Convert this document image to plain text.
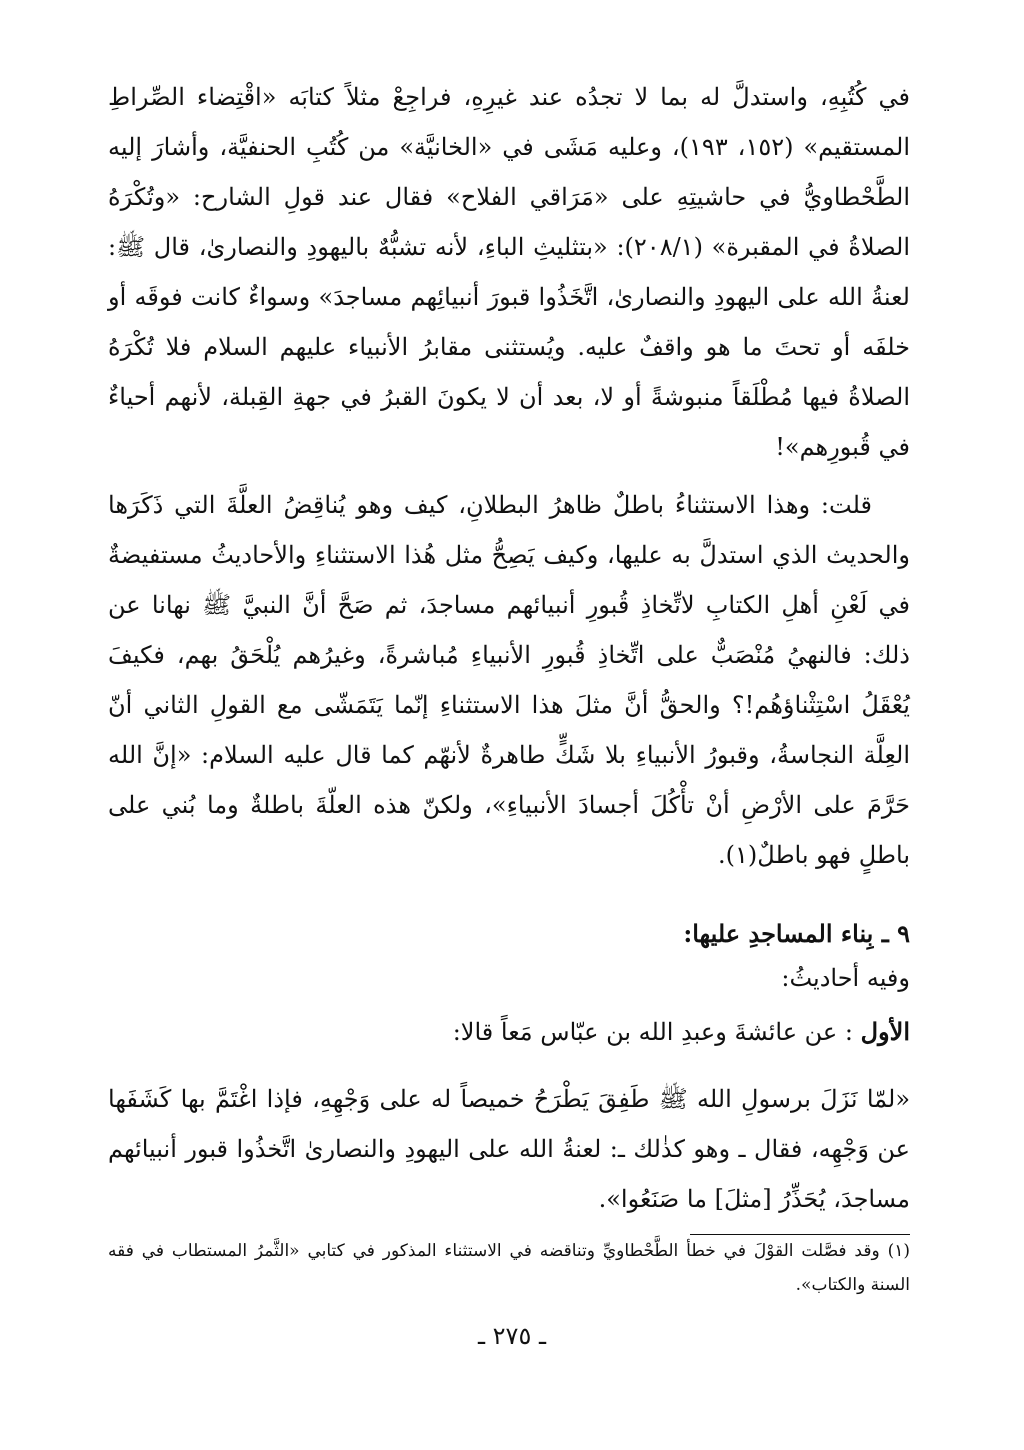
في كُتُبِهِ، واستدلَّ له بما لا تجدُه عند غيرِهِ، فراجِعْ مثلاً كتابَه «اقْتِضاء الصِّراطِ المستقيم» (١٥٢، ١٩٣)، وعليه مَشَى في «الخانيَّة» من كُتُبِ الحنفيَّة، وأشارَ إليه الطَّحْطاويُّ في حاشيتِهِ على «مَرَاقي الفلاح» فقال عند قولِ الشارح: «وتُكْرَهُ الصلاةُ في المقبرة» (٢٠٨/١): «بتثليثِ الباءِ، لأنه تشبُّهٌ باليهودِ والنصارىٰ، قال ﷺ: لعنةُ الله على اليهودِ والنصارىٰ، اتَّخَذُوا قبورَ أنبيائِهم مساجدَ» وسواءٌ كانت فوقَه أو خلفَه أو تحتَ ما هو واقفٌ عليه. ويُستثنى مقابرُ الأنبياء عليهم السلام فلا تُكْرَهُ الصلاةُ فيها مُطْلَقاً منبوشةً أو لا، بعد أن لا يكونَ القبرُ في جهةِ القِبلة، لأنهم أحياءٌ في قُبورِهم»!
قلت: وهذا الاستثناءُ باطلٌ ظاهرُ البطلانِ، كيف وهو يُناقِضُ العلَّةَ التي ذَكَرَها والحديث الذي استدلَّ به عليها، وكيف يَصِحُّ مثل هُذا الاستثناءِ والأحاديثُ مستفيضةٌ في لَعْنِ أهلِ الكتابِ لاتِّخاذِ قُبورِ أنبيائهم مساجدَ، ثم صَحَّ أنَّ النبيَّ ﷺ نهانا عن ذلك: فالنهيُ مُنْصَبٌّ على اتِّخاذِ قُبورِ الأنبياءِ مُباشرةً، وغيرُهم يُلْحَقُ بهم، فكيفَ يُعْقَلُ اسْتِثْناؤهُم!؟ والحقُّ أنَّ مثلَ هذا الاستثناءِ إنّما يَتَمَشّى مع القولِ الثاني أنّ العِلَّة النجاسةُ، وقبورُ الأنبياءِ بلا شَكٍّ طاهرةٌ لأنهّم كما قال عليه السلام: «إنَّ الله حَرَّمَ على الأرْضِ أنْ تأْكُلَ أجسادَ الأنبياءِ»، ولكنّ هذه العلّةَ باطلةٌ وما بُني على باطلٍ فهو باطلٌ(١).
٩ ـ بِناء المساجدِ عليها:
وفيه أحاديثُ:
الأول : عن عائشةَ وعبدِ الله بن عبّاس مَعاً قالا:
«لمّا نَزَلَ برسولِ الله ﷺ طَفِقَ يَطْرَحُ خميصاً له على وَجْهِهِ، فإذا اغْتَمَّ بها كَشَفَها عن وَجْهِه، فقال ـ وهو كذٰلك ـ: لعنةُ الله على اليهودِ والنصارىٰ اتَّخذُوا قبور أنبيائهم مساجدَ، يُحَذِّرُ [مثلَ] ما صَنَعُوا».
(١) وقد فصَّلت القوْلَ في خطأ الطَّحْطاويِّ وتناقضه في الاستثناء المذكور في كتابي «الثَّمرُ المستطاب في فقه السنة والكتاب».
ـ ٢٧٥ ـ
